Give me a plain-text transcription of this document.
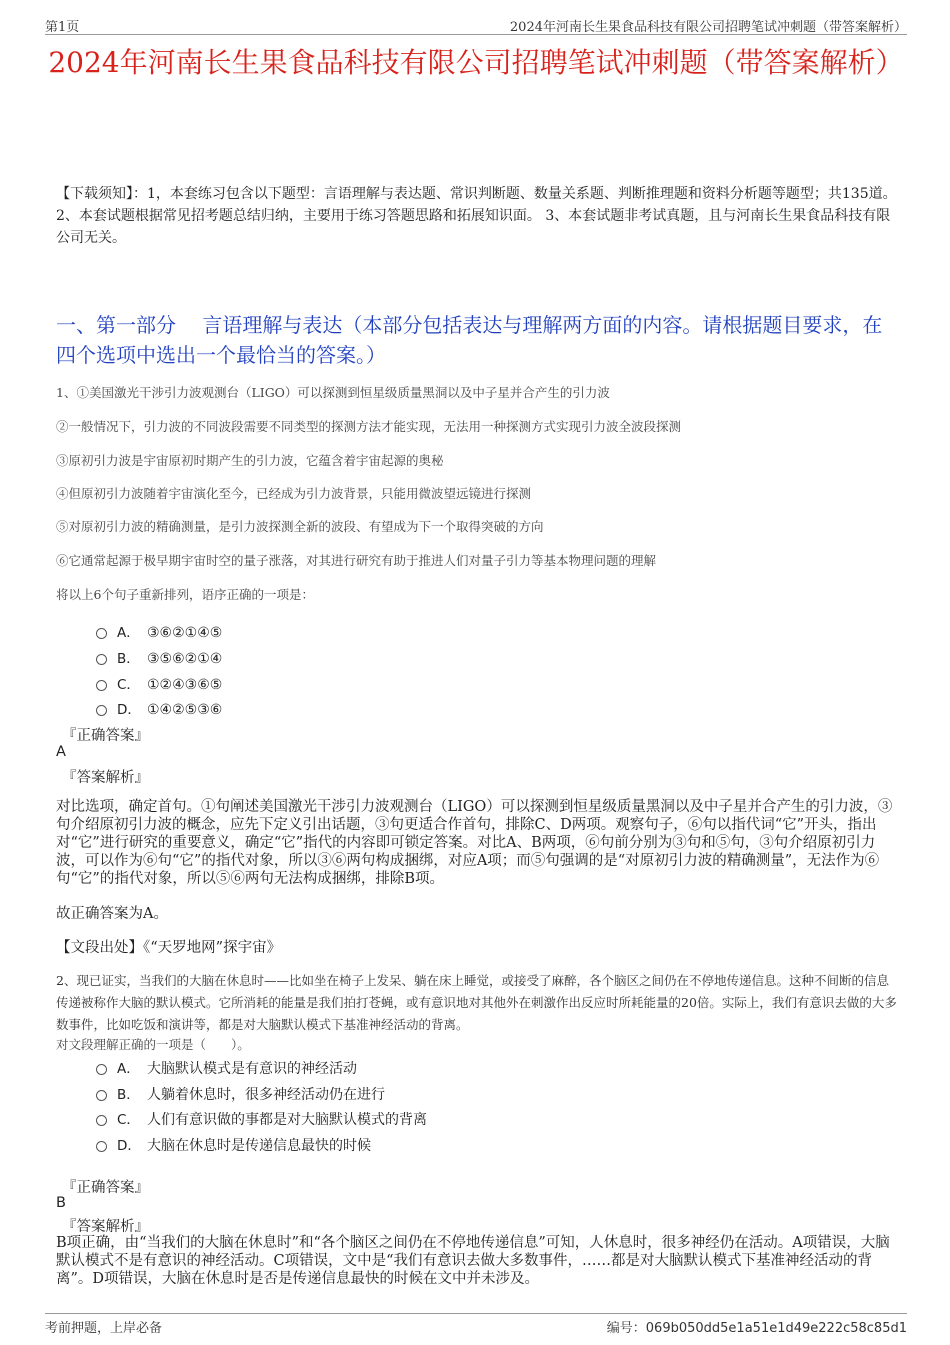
第1页	2024年河南长生果食品科技有限公司招聘笔试冲刺题（带答案解析）
2024年河南长生果食品科技有限公司招聘笔试冲刺题（带答案解析）
【下载须知】：1，本套练习包含以下题型：言语理解与表达题、常识判断题、数量关系题、判断推理题和资料分析题等题型；共135道。 2、本套试题根据常见招考题总结归纳，主要用于练习答题思路和拓展知识面。 3、本套试题非考试真题，且与河南长生果食品科技有限公司无关。
一、第一部分　 言语理解与表达（本部分包括表达与理解两方面的内容。请根据题目要求，在四个选项中选出一个最恰当的答案。）
1、①美国激光干涉引力波观测台（LIGO）可以探测到恒星级质量黑洞以及中子星并合产生的引力波
②一般情况下，引力波的不同波段需要不同类型的探测方法才能实现，无法用一种探测方式实现引力波全波段探测
③原初引力波是宇宙原初时期产生的引力波，它蕴含着宇宙起源的奥秘
④但原初引力波随着宇宙演化至今，已经成为引力波背景，只能用微波望远镜进行探测
⑤对原初引力波的精确测量，是引力波探测全新的波段、有望成为下一个取得突破的方向
⑥它通常起源于极早期宇宙时空的量子涨落，对其进行研究有助于推进人们对量子引力等基本物理问题的理解
将以上6个句子重新排列，语序正确的一项是：
A． ③⑥②①④⑤
B． ③⑤⑥②①④
C． ①②④③⑥⑤
D． ①④②⑤③⑥
『正确答案』
A
『答案解析』
对比选项，确定首句。①句阐述美国激光干涉引力波观测台（LIGO）可以探测到恒星级质量黑洞以及中子星并合产生的引力波，③句介绍原初引力波的概念，应先下定义引出话题，③句更适合作首句，排除C、D两项。观察句子，⑥句以指代词“它”开头，指出对“它”进行研究的重要意义，确定“它”指代的内容即可锁定答案。对比A、B两项，⑥句前分别为③句和⑤句，③句介绍原初引力波，可以作为⑥句“它”的指代对象，所以③⑥两句构成捆绑，对应A项；而⑤句强调的是“对原初引力波的精确测量”，无法作为⑥句“它”的指代对象，所以⑤⑥两句无法构成捆绑，排除B项。
故正确答案为A。
【文段出处】《“天罗地网”探宇宙》
2、现已证实，当我们的大脑在休息时——比如坐在椅子上发呆、躺在床上睡觉，或接受了麻醉，各个脑区之间仍在不停地传递信息。这种不间断的信息传递被称作大脑的默认模式。它所消耗的能量是我们拍打苍蝇，或有意识地对其他外在刺激作出反应时所耗能量的20倍。实际上，我们有意识去做的大多数事件，比如吃饭和演讲等，都是对大脑默认模式下基准神经活动的背离。
对文段理解正确的一项是（　　）。
A． 大脑默认模式是有意识的神经活动
B． 人躺着休息时，很多神经活动仍在进行
C． 人们有意识做的事都是对大脑默认模式的背离
D． 大脑在休息时是传递信息最快的时候
『正确答案』
B
『答案解析』
B项正确，由“当我们的大脑在休息时”和“各个脑区之间仍在不停地传递信息”可知，人休息时，很多神经仍在活动。A项错误，大脑默认模式不是有意识的神经活动。C项错误，文中是“我们有意识去做大多数事件，……都是对大脑默认模式下基准神经活动的背离”。D项错误，大脑在休息时是否是传递信息最快的时候在文中并未涉及。
考前押题，上岸必备	编号：069b050dd5e1a51e1d49e222c58c85d1
